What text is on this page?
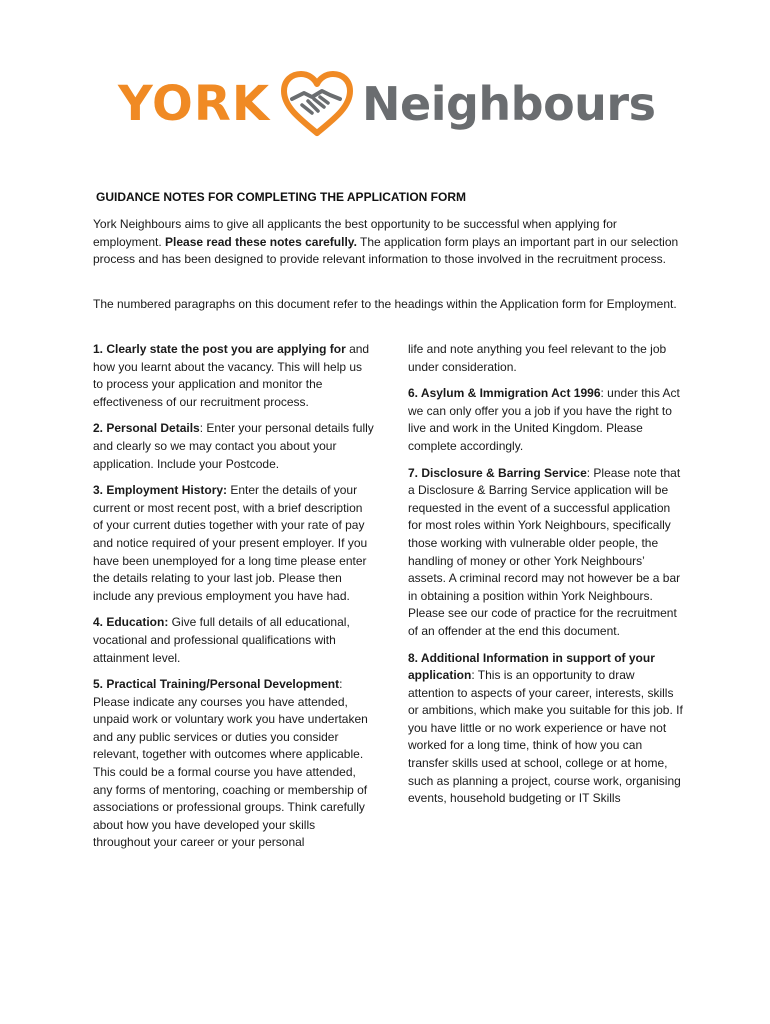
YORK Neighbours

GUIDANCE NOTES FOR COMPLETING THE APPLICATION FORM

York Neighbours aims to give all applicants the best opportunity to be successful when applying for employment. Please read these notes carefully. The application form plays an important part in our selection process and has been designed to provide relevant information to those involved in the recruitment process.

The numbered paragraphs on this document refer to the headings within the Application form for Employment.

1. Clearly state the post you are applying for and how you learnt about the vacancy. This will help us to process your application and monitor the effectiveness of our recruitment process.

2. Personal Details: Enter your personal details fully and clearly so we may contact you about your application. Include your Postcode.

3. Employment History: Enter the details of your current or most recent post, with a brief description of your current duties together with your rate of pay and notice required of your present employer. If you have been unemployed for a long time please enter the details relating to your last job. Please then include any previous employment you have had.

4. Education: Give full details of all educational, vocational and professional qualifications with attainment level.

5. Practical Training/Personal Development: Please indicate any courses you have attended, unpaid work or voluntary work you have undertaken and any public services or duties you consider relevant, together with outcomes where applicable. This could be a formal course you have attended, any forms of mentoring, coaching or membership of associations or professional groups. Think carefully about how you have developed your skills throughout your career or your personal

life and note anything you feel relevant to the job under consideration.

6. Asylum & Immigration Act 1996: under this Act we can only offer you a job if you have the right to live and work in the United Kingdom. Please complete accordingly.

7. Disclosure & Barring Service: Please note that a Disclosure & Barring Service application will be requested in the event of a successful application for most roles within York Neighbours, specifically those working with vulnerable older people, the handling of money or other York Neighbours’ assets. A criminal record may not however be a bar in obtaining a position within York Neighbours. Please see our code of practice for the recruitment of an offender at the end this document.

8. Additional Information in support of your application: This is an opportunity to draw attention to aspects of your career, interests, skills or ambitions, which make you suitable for this job. If you have little or no work experience or have not worked for a long time, think of how you can transfer skills used at school, college or at home, such as planning a project, course work, organising events, household budgeting or IT Skills
